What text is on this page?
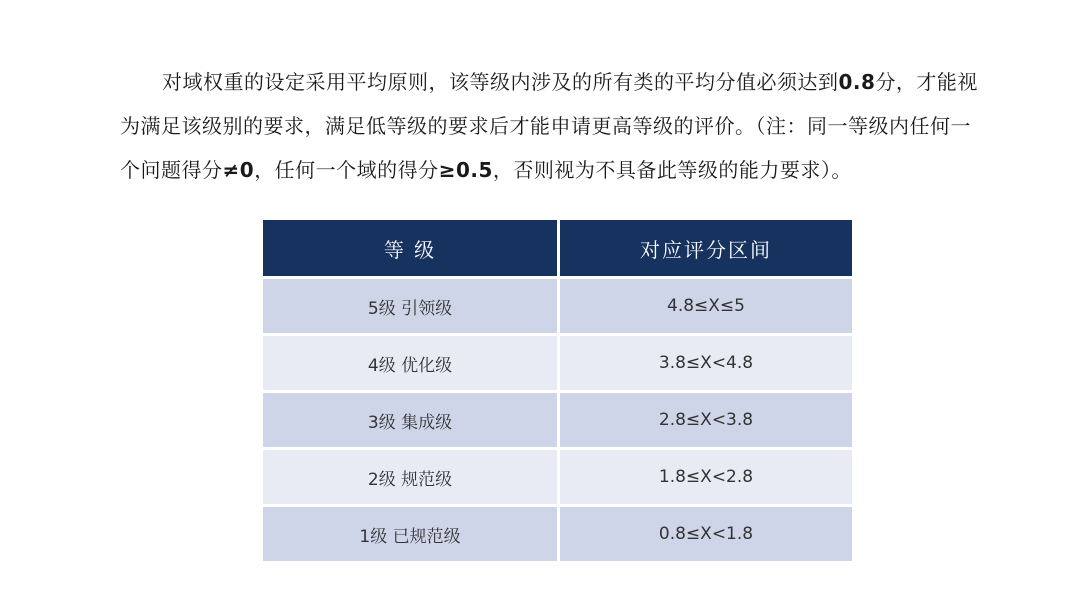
对域权重的设定采用平均原则，该等级内涉及的所有类的平均分值必须达到0.8分，才能视为满足该级别的要求，满足低等级的要求后才能申请更高等级的评价。（注：同一等级内任何一个问题得分≠0，任何一个域的得分≥0.5，否则视为不具备此等级的能力要求）。
等 级	对应评分区间
5级 引领级	4.8≤X≤5
4级 优化级	3.8≤X<4.8
3级 集成级	2.8≤X<3.8
2级 规范级	1.8≤X<2.8
1级 已规范级	0.8≤X<1.8
